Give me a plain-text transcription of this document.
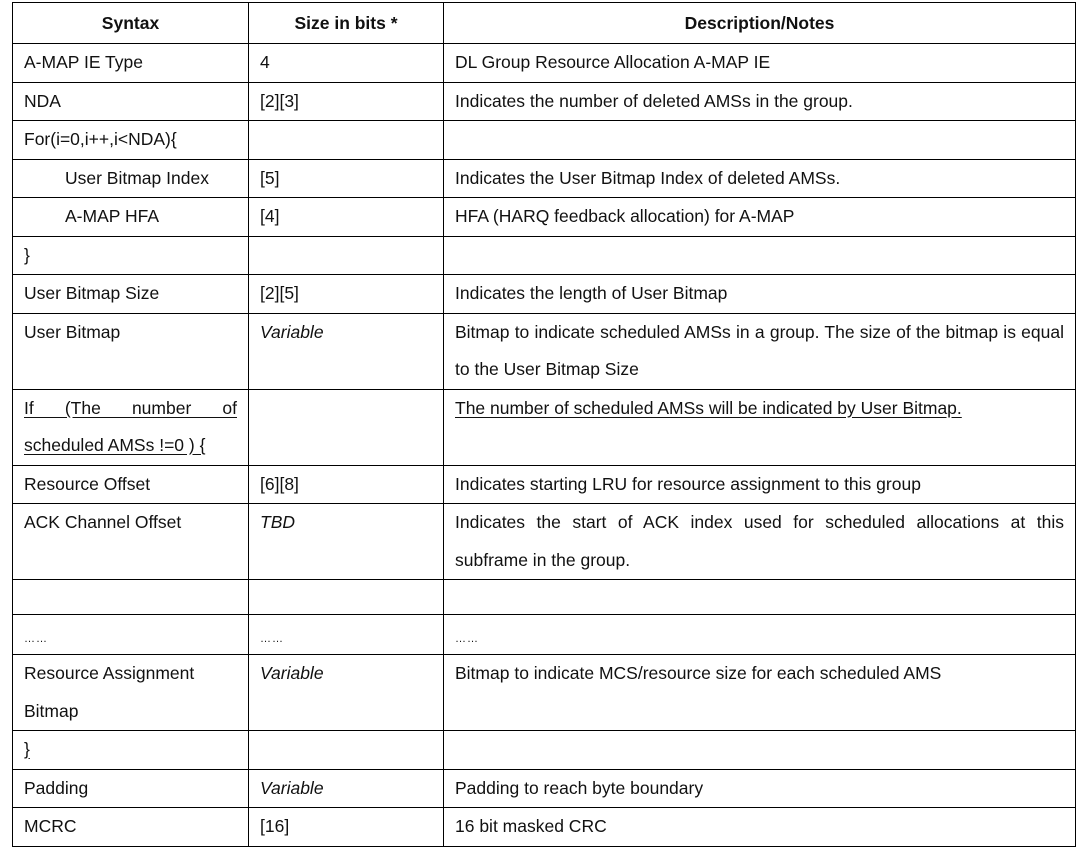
Syntax	Size in bits *	Description/Notes
A-MAP IE Type	4	DL Group Resource Allocation A-MAP IE
NDA	[2][3]	Indicates the number of deleted AMSs in the group.
For(i=0,i++,i<NDA){		
User Bitmap Index	[5]	Indicates the User Bitmap Index of deleted AMSs.
A-MAP HFA	[4]	HFA (HARQ feedback allocation) for A-MAP
}		
User Bitmap Size	[2][5]	Indicates the length of User Bitmap
User Bitmap	Variable	Bitmap to indicate scheduled AMSs in a group. The size of the bitmap is equal to the User Bitmap Size
If (The number of scheduled AMSs !=0 ) {		The number of scheduled AMSs will be indicated by User Bitmap.
Resource Offset	[6][8]	Indicates starting LRU for resource assignment to this group
ACK Channel Offset	TBD	Indicates the start of ACK index used for scheduled allocations at this subframe in the group.

……	……	……
Resource Assignment Bitmap	Variable	Bitmap to indicate MCS/resource size for each scheduled AMS
}		
Padding	Variable	Padding to reach byte boundary
MCRC	[16]	16 bit masked CRC
